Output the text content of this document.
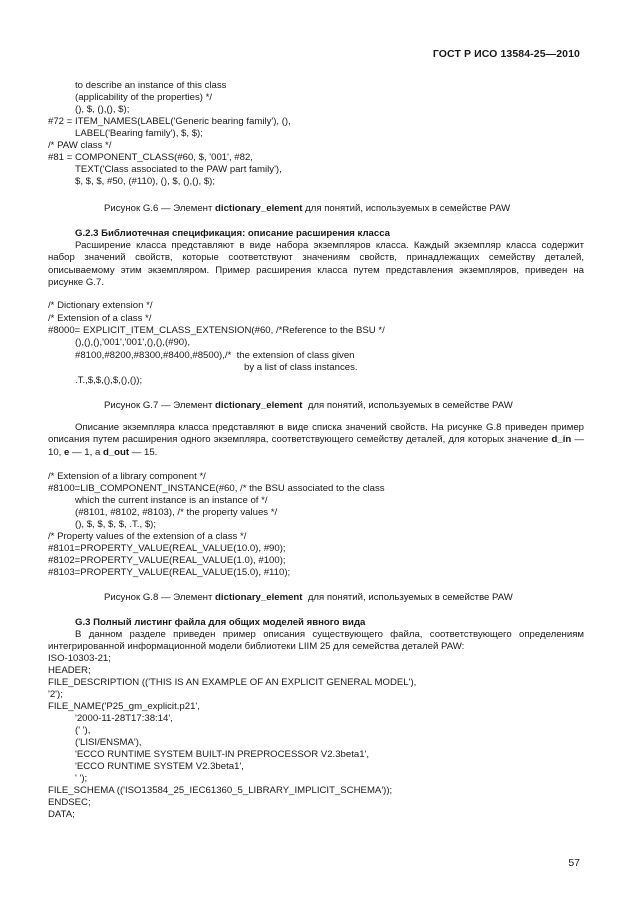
ГОСТ Р ИСО 13584-25—2010
to describe an instance of this class
(applicability of the properties) */
(), $, (),(), $);
#72 = ITEM_NAMES(LABEL('Generic bearing family'), (),
LABEL('Bearing family'), $, $);
/* PAW class */
#81 = COMPONENT_CLASS(#60, $, '001', #82,
TEXT('Class associated to the PAW part family'),
$, $, $, #50, (#110), (), $, (),(), $);
Рисунок G.6 — Элемент dictionary_element для понятий, используемых в семействе PAW
G.2.3 Библиотечная спецификация: описание расширения класса
Расширение класса представляют в виде набора экземпляров класса. Каждый экземпляр класса содержит набор значений свойств, которые соответствуют значениям свойств, принадлежащих семейству деталей, описываемому этим экземпляром. Пример расширения класса путем представления экземпляров, приведен на рисунке G.7.
/* Dictionary extension */
/* Extension of a class */
#8000= EXPLICIT_ITEM_CLASS_EXTENSION(#60, /*Reference to the BSU */
(),(),(),'001','001',(),(),(#90),
#8100,#8200,#8300,#8400,#8500),/*  the extension of class given
by a list of class instances.
.T.,$,$,(),$,(),());
Рисунок G.7 — Элемент dictionary_element  для понятий, используемых в семействе PAW
Описание экземпляра класса представляют в виде списка значений свойств. На рисунке G.8 приведен пример описания путем расширения одного экземпляра, соответствующего семейству деталей, для которых значение d_in — 10, e — 1, а d_out — 15.
/* Extension of a library component */
#8100=LIB_COMPONENT_INSTANCE(#60, /* the BSU associated to the class
which the current instance is an instance of */
(#8101, #8102, #8103), /* the property values */
(), $, $, $, $, .T., $);
/* Property values of the extension of a class */
#8101=PROPERTY_VALUE(REAL_VALUE(10.0), #90);
#8102=PROPERTY_VALUE(REAL_VALUE(1.0), #100);
#8103=PROPERTY_VALUE(REAL_VALUE(15.0), #110);
Рисунок G.8 — Элемент dictionary_element  для понятий, используемых в семействе PAW
G.3 Полный листинг файла для общих моделей явного вида
В данном разделе приведен пример описания существующего файла, соответствующего определениям интегрированной информационной модели библиотеки LIIM 25 для семейства деталей PAW:
ISO-10303-21;
HEADER;
FILE_DESCRIPTION (('THIS IS AN EXAMPLE OF AN EXPLICIT GENERAL MODEL'),
'2');
FILE_NAME('P25_gm_explicit.p21',
'2000-11-28T17:38:14',
(' '),
('LISI/ENSMA'),
'ECCO RUNTIME SYSTEM BUILT-IN PREPROCESSOR V2.3beta1',
'ECCO RUNTIME SYSTEM V2.3beta1',
' ');
FILE_SCHEMA (('ISO13584_25_IEC61360_5_LIBRARY_IMPLICIT_SCHEMA'));
ENDSEC;
DATA;
57
